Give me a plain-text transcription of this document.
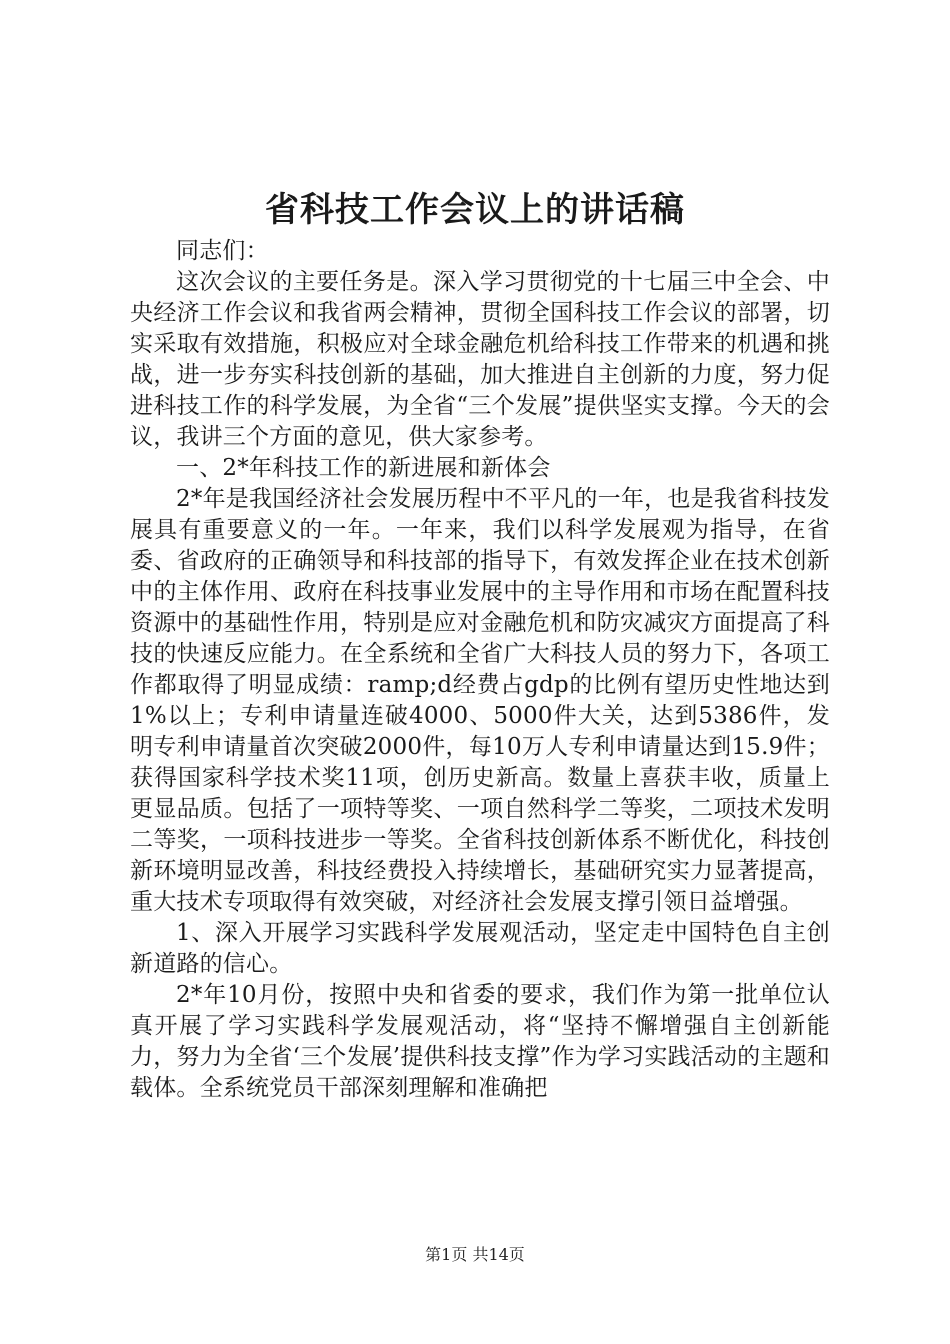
省科技工作会议上的讲话稿

同志们：

这次会议的主要任务是。深入学习贯彻党的十七届三中全会、中央经济工作会议和我省两会精神，贯彻全国科技工作会议的部署，切实采取有效措施，积极应对全球金融危机给科技工作带来的机遇和挑战，进一步夯实科技创新的基础，加大推进自主创新的力度，努力促进科技工作的科学发展，为全省“三个发展”提供坚实支撑。今天的会议，我讲三个方面的意见，供大家参考。

一、2*年科技工作的新进展和新体会

2*年是我国经济社会发展历程中不平凡的一年，也是我省科技发展具有重要意义的一年。一年来，我们以科学发展观为指导，在省委、省政府的正确领导和科技部的指导下，有效发挥企业在技术创新中的主体作用、政府在科技事业发展中的主导作用和市场在配置科技资源中的基础性作用，特别是应对金融危机和防灾减灾方面提高了科技的快速反应能力。在全系统和全省广大科技人员的努力下，各项工作都取得了明显成绩：ramp;d经费占gdp的比例有望历史性地达到1%以上；专利申请量连破4000、5000件大关，达到5386件，发明专利申请量首次突破2000件，每10万人专利申请量达到15.9件；获得国家科学技术奖11项，创历史新高。数量上喜获丰收，质量上更显品质。包括了一项特等奖、一项自然科学二等奖，二项技术发明二等奖，一项科技进步一等奖。全省科技创新体系不断优化，科技创新环境明显改善，科技经费投入持续增长，基础研究实力显著提高，重大技术专项取得有效突破，对经济社会发展支撑引领日益增强。

1、深入开展学习实践科学发展观活动，坚定走中国特色自主创新道路的信心。

2*年10月份，按照中央和省委的要求，我们作为第一批单位认真开展了学习实践科学发展观活动，将“坚持不懈增强自主创新能力，努力为全省‘三个发展’提供科技支撑”作为学习实践活动的主题和载体。全系统党员干部深刻理解和准确把

第1页 共14页
